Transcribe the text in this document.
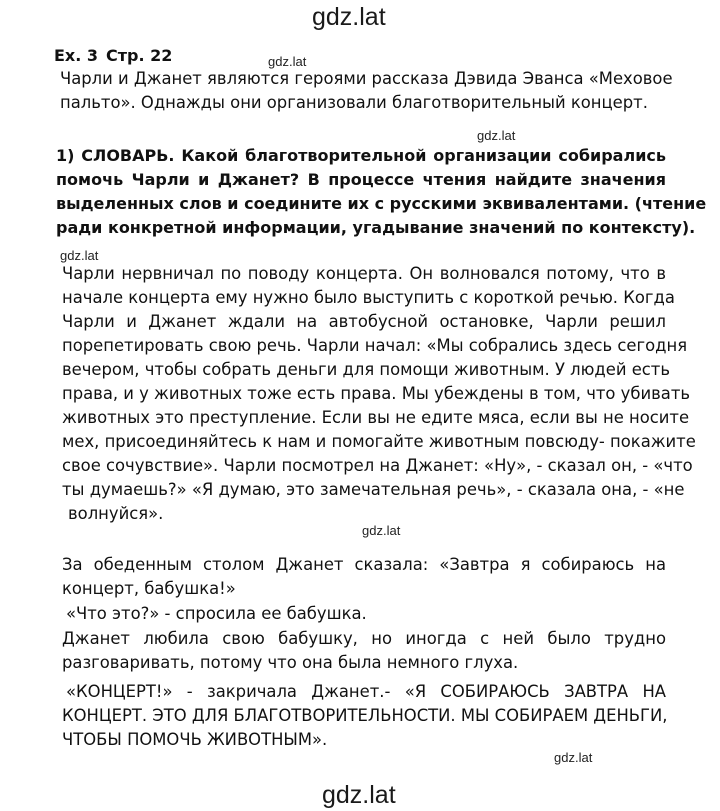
gdz.lat
Ex. 3 Стр. 22	gdz.lat
Чарли и Джанет являются героями рассказа Дэвида Эванса «Меховое
пальто». Однажды они организовали благотворительный концерт.
gdz.lat
1) СЛОВАРЬ. Какой благотворительной организации собирались
помочь Чарли и Джанет? В процессе чтения найдите значения
выделенных слов и соедините их с русскими эквивалентами. (чтение
ради конкретной информации, угадывание значений по контексту).
gdz.lat
Чарли нервничал по поводу концерта. Он волновался потому, что в
начале концерта ему нужно было выступить с короткой речью. Когда
Чарли и Джанет ждали на автобусной остановке, Чарли решил
порепетировать свою речь. Чарли начал: «Мы собрались здесь сегодня
вечером, чтобы собрать деньги для помощи животным. У людей есть
права, и у животных тоже есть права. Мы убеждены в том, что убивать
животных это преступление. Если вы не едите мяса, если вы не носите
мех, присоединяйтесь к нам и помогайте животным повсюду- покажите
свое сочувствие». Чарли посмотрел на Джанет: «Ну», - сказал он, - «что
ты думаешь?» «Я думаю, это замечательная речь», - сказала она, - «не
волнуйся».
gdz.lat
За обеденным столом Джанет сказала: «Завтра я собираюсь на
концерт, бабушка!»
«Что это?» - спросила ее бабушка.
Джанет любила свою бабушку, но иногда с ней было трудно
разговаривать, потому что она была немного глуха.
«КОНЦЕРТ!» - закричала Джанет.- «Я СОБИРАЮСЬ ЗАВТРА НА
КОНЦЕРТ. ЭТО ДЛЯ БЛАГОТВОРИТЕЛЬНОСТИ. МЫ СОБИРАЕМ ДЕНЬГИ,
ЧТОБЫ ПОМОЧЬ ЖИВОТНЫМ».
gdz.lat
gdz.lat
